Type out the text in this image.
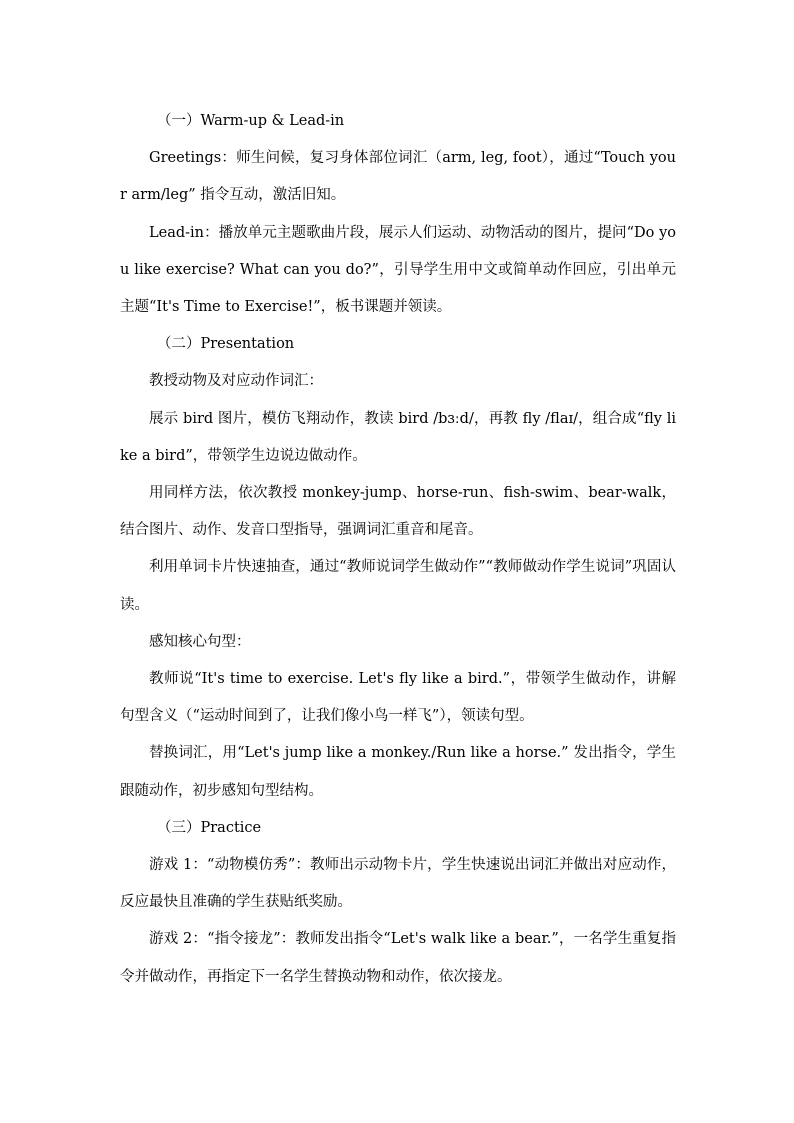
（一）Warm-up & Lead-in

Greetings：师生问候，复习身体部位词汇（arm, leg, foot），通过“Touch your arm/leg” 指令互动，激活旧知。

Lead-in：播放单元主题歌曲片段，展示人们运动、动物活动的图片，提问“Do you like exercise? What can you do?”，引导学生用中文或简单动作回应，引出单元主题“It's Time to Exercise!”，板书课题并领读。

（二）Presentation

教授动物及对应动作词汇：

展示 bird 图片，模仿飞翔动作，教读 bird /bɜːd/，再教 fly /flaɪ/，组合成“fly like a bird”，带领学生边说边做动作。

用同样方法，依次教授 monkey-jump、horse-run、fish-swim、bear-walk，结合图片、动作、发音口型指导，强调词汇重音和尾音。

利用单词卡片快速抽查，通过“教师说词学生做动作”“教师做动作学生说词”巩固认读。

感知核心句型：

教师说“It's time to exercise. Let's fly like a bird.”，带领学生做动作，讲解句型含义（“运动时间到了，让我们像小鸟一样飞”），领读句型。

替换词汇，用“Let's jump like a monkey./Run like a horse.” 发出指令，学生跟随动作，初步感知句型结构。

（三）Practice

游戏 1：“动物模仿秀”：教师出示动物卡片，学生快速说出词汇并做出对应动作，反应最快且准确的学生获贴纸奖励。

游戏 2：“指令接龙”：教师发出指令“Let's walk like a bear.”，一名学生重复指令并做动作，再指定下一名学生替换动物和动作，依次接龙。
